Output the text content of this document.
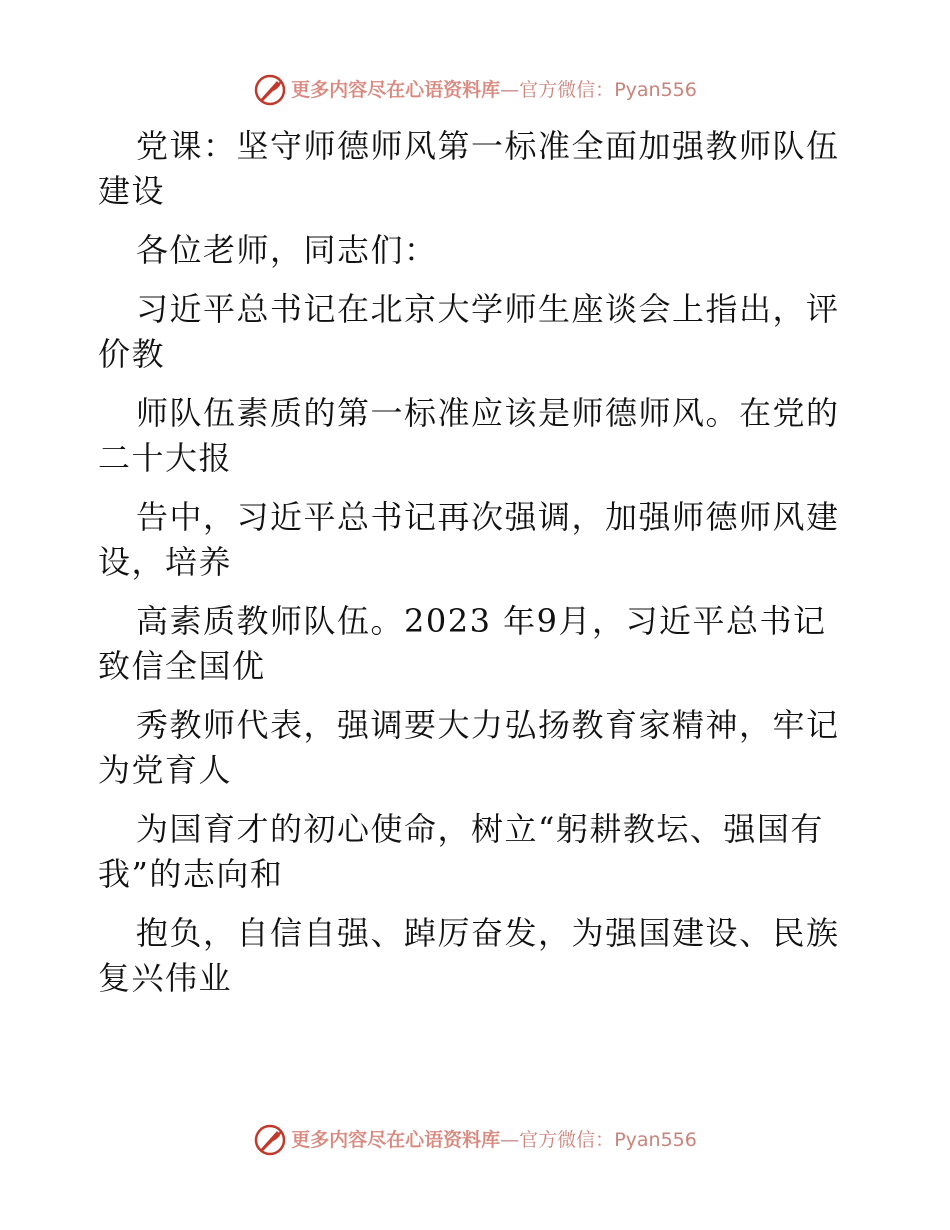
更多内容尽在心语资料库—官方微信：Pyan556
党课：坚守师德师风第一标准全面加强教师队伍
建设
各位老师，同志们：
习近平总书记在北京大学师生座谈会上指出，评
价教
师队伍素质的第一标准应该是师德师风。在党的
二十大报
告中，习近平总书记再次强调，加强师德师风建
设，培养
高素质教师队伍。2023 年9月，习近平总书记
致信全国优
秀教师代表，强调要大力弘扬教育家精神，牢记
为党育人
为国育才的初心使命，树立“躬耕教坛、强国有
我”的志向和
抱负，自信自强、踔厉奋发，为强国建设、民族
复兴伟业
更多内容尽在心语资料库—官方微信：Pyan556
